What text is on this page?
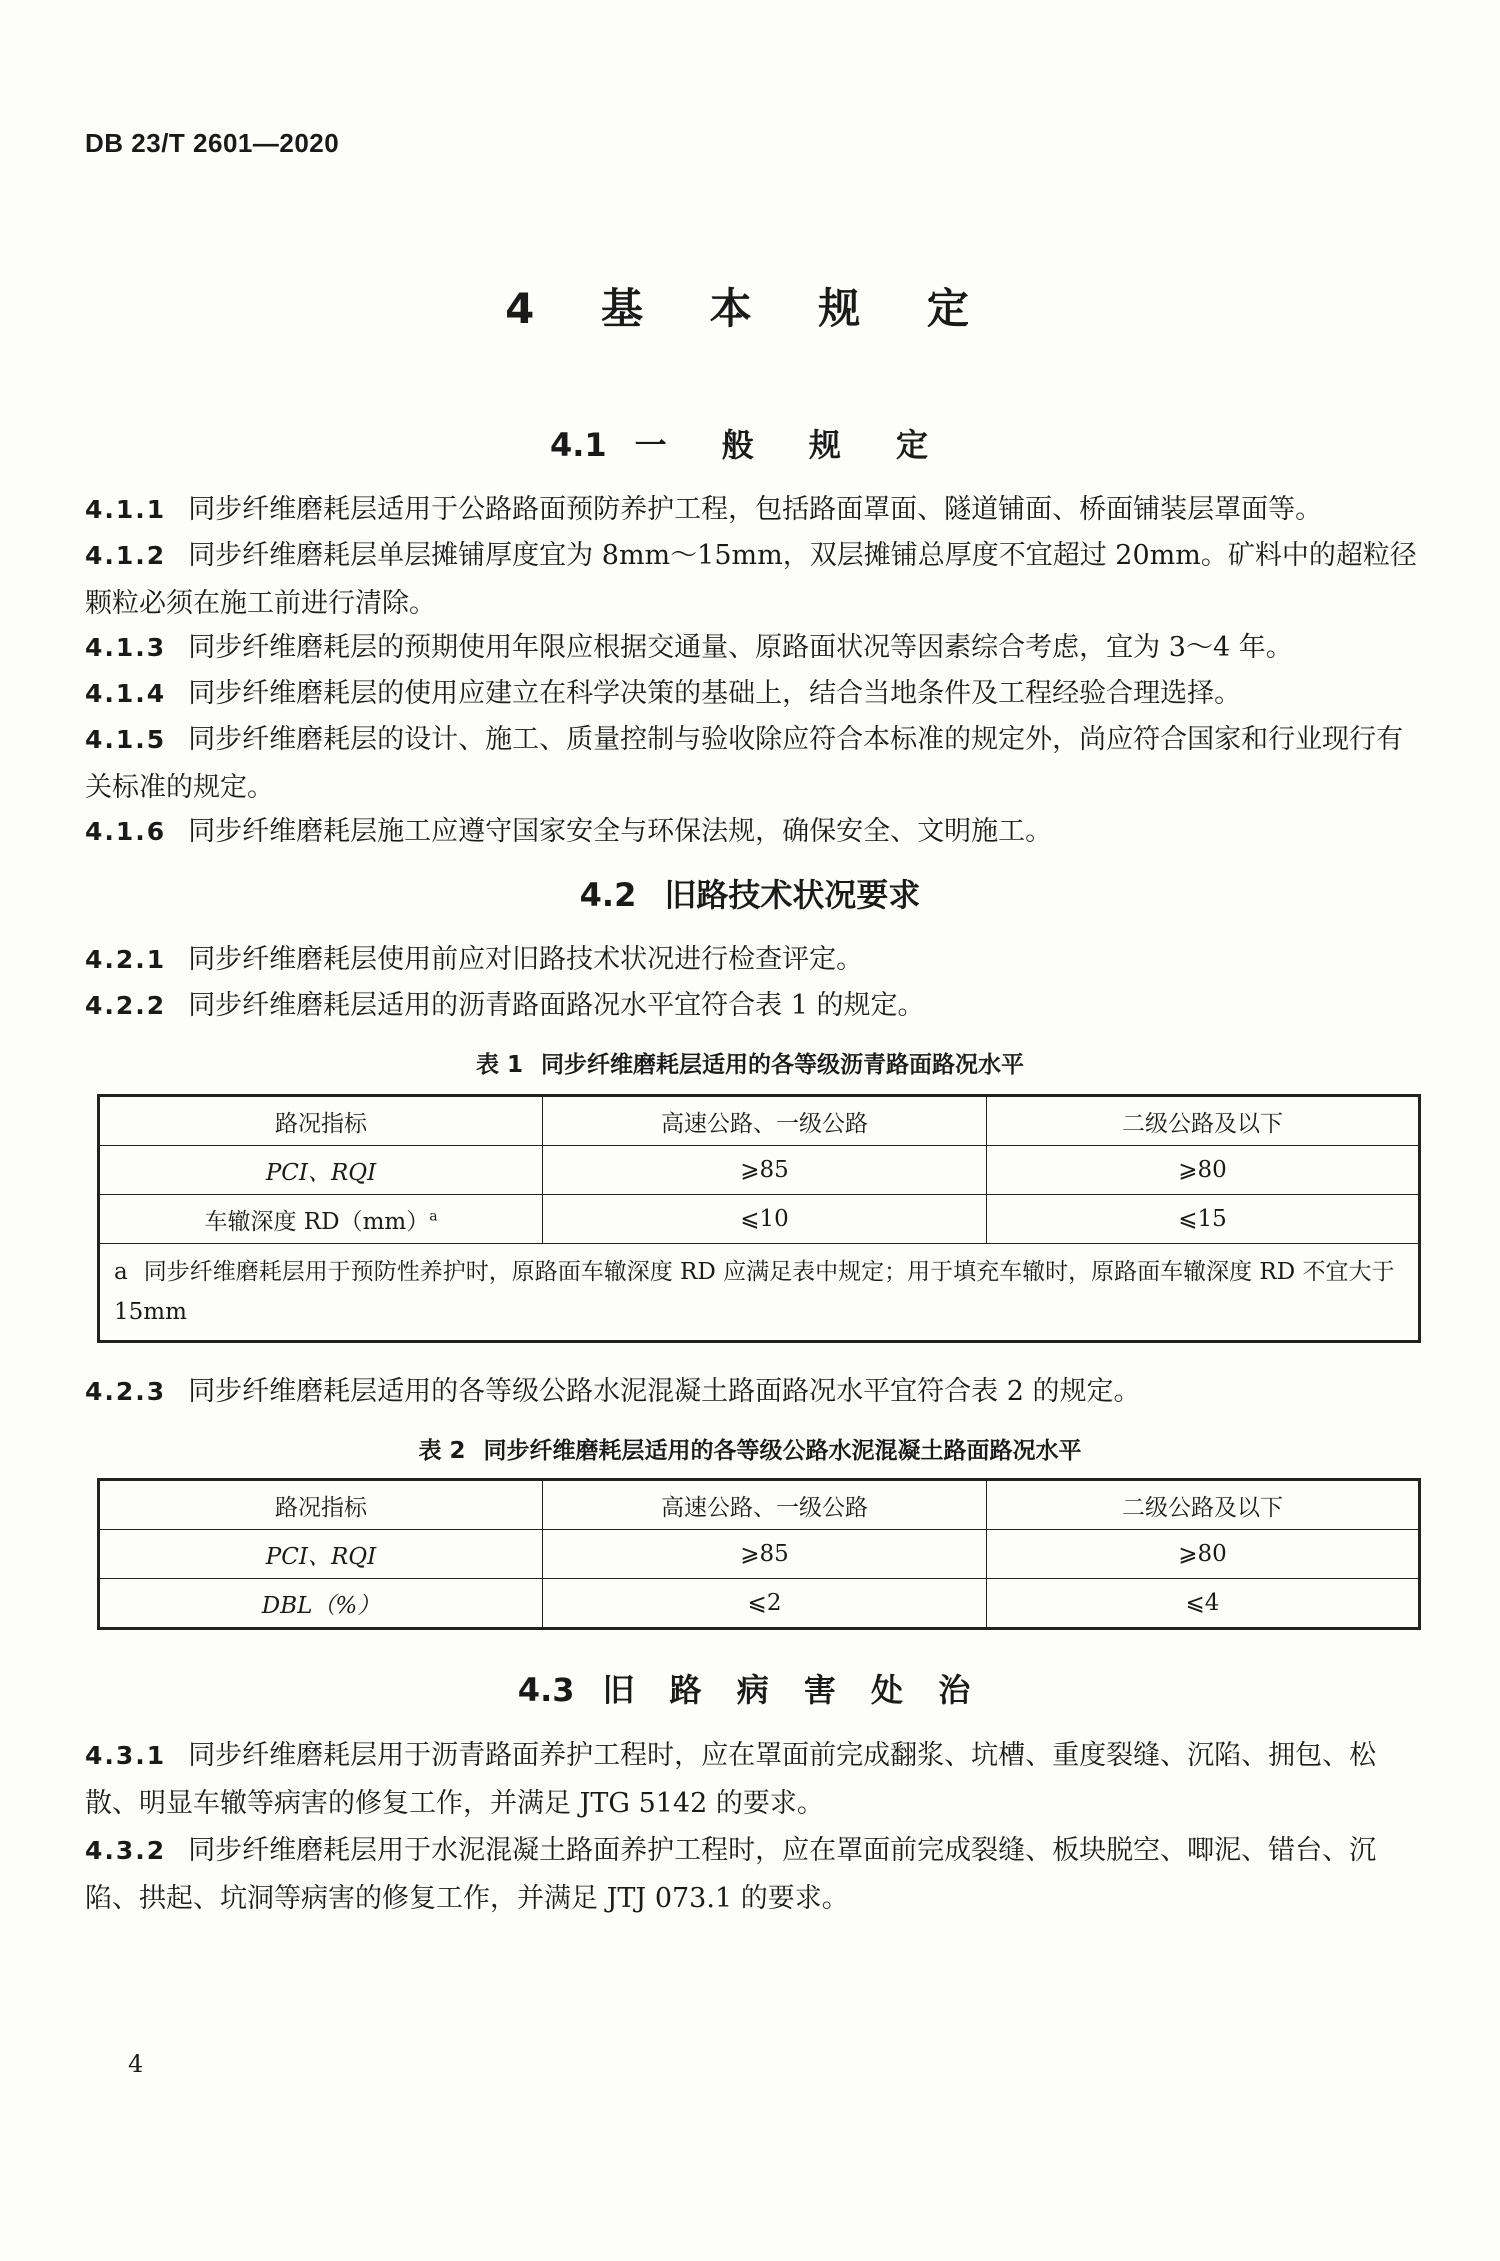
DB 23/T 2601—2020
4 基 本 规 定
4.1 一 般 规 定
4.1.1 同步纤维磨耗层适用于公路路面预防养护工程，包括路面罩面、隧道铺面、桥面铺装层罩面等。
4.1.2 同步纤维磨耗层单层摊铺厚度宜为 8mm～15mm，双层摊铺总厚度不宜超过 20mm。矿料中的超粒径颗粒必须在施工前进行清除。
4.1.3 同步纤维磨耗层的预期使用年限应根据交通量、原路面状况等因素综合考虑，宜为 3～4 年。
4.1.4 同步纤维磨耗层的使用应建立在科学决策的基础上，结合当地条件及工程经验合理选择。
4.1.5 同步纤维磨耗层的设计、施工、质量控制与验收除应符合本标准的规定外，尚应符合国家和行业现行有关标准的规定。
4.1.6 同步纤维磨耗层施工应遵守国家安全与环保法规，确保安全、文明施工。
4.2 旧路技术状况要求
4.2.1 同步纤维磨耗层使用前应对旧路技术状况进行检查评定。
4.2.2 同步纤维磨耗层适用的沥青路面路况水平宜符合表 1 的规定。
表 1 同步纤维磨耗层适用的各等级沥青路面路况水平
路况指标	高速公路、一级公路	二级公路及以下
PCI、RQI	⩾85	⩾80
车辙深度 RD（mm）$^a$	⩽10	⩽15
a 同步纤维磨耗层用于预防性养护时，原路面车辙深度 RD 应满足表中规定；用于填充车辙时，原路面车辙深度 RD 不宜大于 15mm		
4.2.3 同步纤维磨耗层适用的各等级公路水泥混凝土路面路况水平宜符合表 2 的规定。
表 2 同步纤维磨耗层适用的各等级公路水泥混凝土路面路况水平
路况指标	高速公路、一级公路	二级公路及以下
PCI、RQI	⩾85	⩾80
DBL（%）	⩽2	⩽4
4.3 旧 路 病 害 处 治
4.3.1 同步纤维磨耗层用于沥青路面养护工程时，应在罩面前完成翻浆、坑槽、重度裂缝、沉陷、拥包、松散、明显车辙等病害的修复工作，并满足 JTG 5142 的要求。
4.3.2 同步纤维磨耗层用于水泥混凝土路面养护工程时，应在罩面前完成裂缝、板块脱空、唧泥、错台、沉陷、拱起、坑洞等病害的修复工作，并满足 JTJ 073.1 的要求。
4
